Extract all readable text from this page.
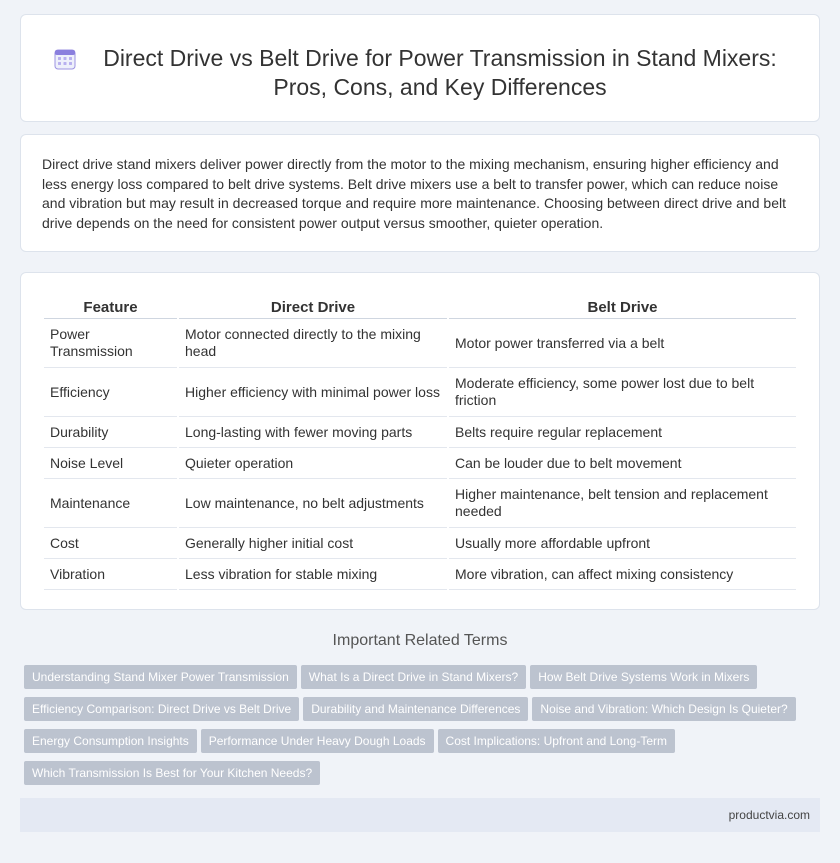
Direct Drive vs Belt Drive for Power Transmission in Stand Mixers: Pros, Cons, and Key Differences

Direct drive stand mixers deliver power directly from the motor to the mixing mechanism, ensuring higher efficiency and less energy loss compared to belt drive systems. Belt drive mixers use a belt to transfer power, which can reduce noise and vibration but may result in decreased torque and require more maintenance. Choosing between direct drive and belt drive depends on the need for consistent power output versus smoother, quieter operation.

Feature	Direct Drive	Belt Drive
Power Transmission	Motor connected directly to the mixing head	Motor power transferred via a belt
Efficiency	Higher efficiency with minimal power loss	Moderate efficiency, some power lost due to belt friction
Durability	Long-lasting with fewer moving parts	Belts require regular replacement
Noise Level	Quieter operation	Can be louder due to belt movement
Maintenance	Low maintenance, no belt adjustments	Higher maintenance, belt tension and replacement needed
Cost	Generally higher initial cost	Usually more affordable upfront
Vibration	Less vibration for stable mixing	More vibration, can affect mixing consistency
Important Related Terms
Understanding Stand Mixer Power Transmission What Is a Direct Drive in Stand Mixers? How Belt Drive Systems Work in Mixers
Efficiency Comparison: Direct Drive vs Belt Drive Durability and Maintenance Differences Noise and Vibration: Which Design Is Quieter?
Energy Consumption Insights Performance Under Heavy Dough Loads Cost Implications: Upfront and Long-Term
Which Transmission Is Best for Your Kitchen Needs?
productvia.com
